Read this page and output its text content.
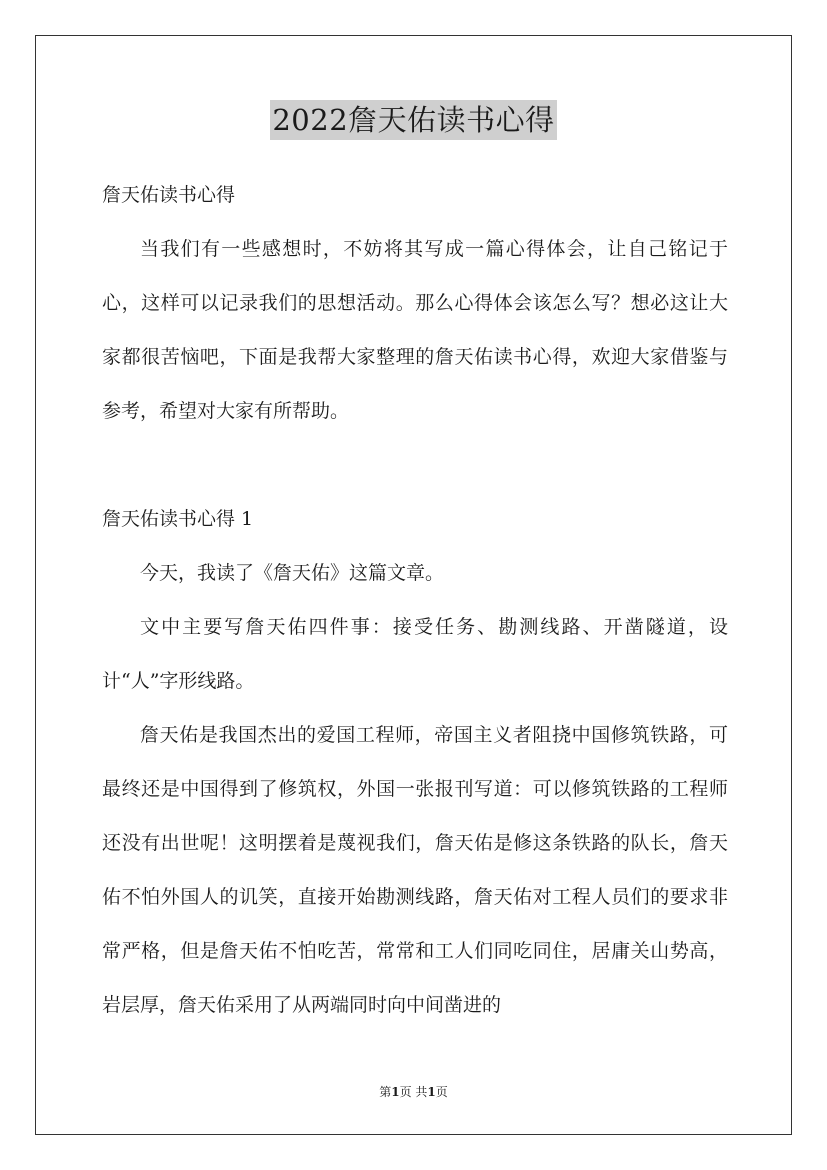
2022詹天佑读书心得

詹天佑读书心得

当我们有一些感想时，不妨将其写成一篇心得体会，让自己铭记于心，这样可以记录我们的思想活动。那么心得体会该怎么写？想必这让大家都很苦恼吧，下面是我帮大家整理的詹天佑读书心得，欢迎大家借鉴与参考，希望对大家有所帮助。

詹天佑读书心得 1

今天，我读了《詹天佑》这篇文章。

文中主要写詹天佑四件事：接受任务、勘测线路、开凿隧道，设计“人”字形线路。

詹天佑是我国杰出的爱国工程师，帝国主义者阻挠中国修筑铁路，可最终还是中国得到了修筑权，外国一张报刊写道：可以修筑铁路的工程师还没有出世呢！这明摆着是蔑视我们，詹天佑是修这条铁路的队长，詹天佑不怕外国人的讥笑，直接开始勘测线路，詹天佑对工程人员们的要求非常严格，但是詹天佑不怕吃苦，常常和工人们同吃同住，居庸关山势高，岩层厚，詹天佑采用了从两端同时向中间凿进的

第1页 共1页
